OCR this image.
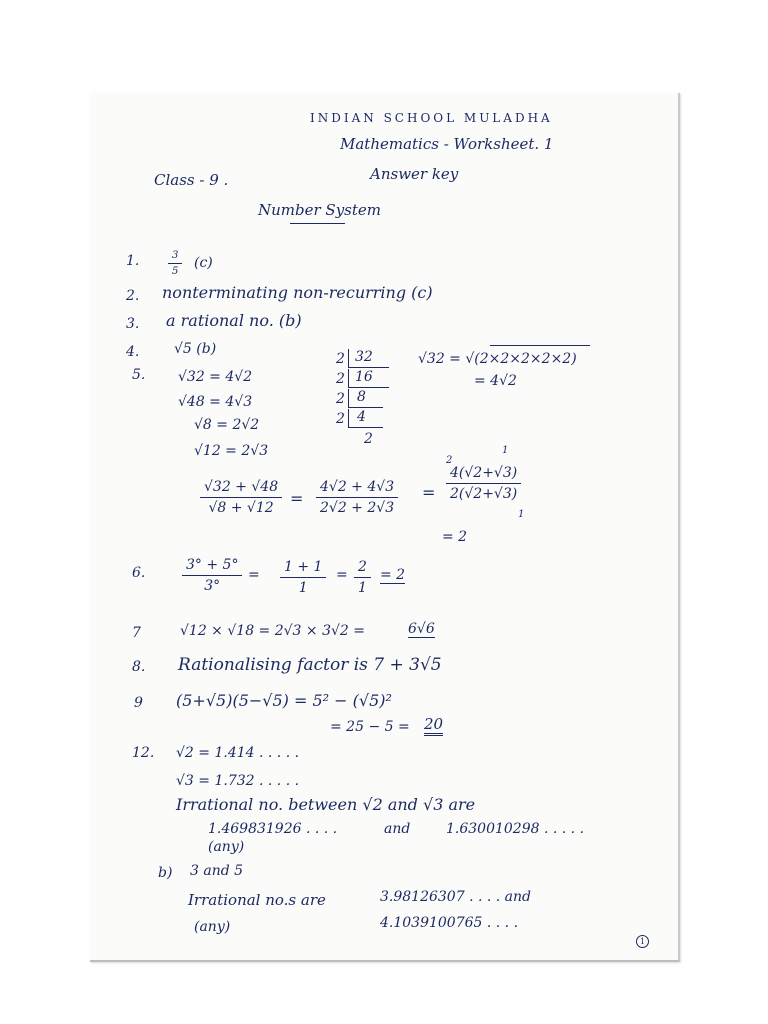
INDIAN SCHOOL MULADHA
Mathematics - Worksheet. 1
Class - 9 .	Answer key
Number System
1.	$\frac{3}{5} (c)$
2. nonterminating non-recurring (c)
3. a rational no. (b)
4. √5 (b)
5. √32 = 4√2
√48 = 4√3
√8 = 2√2
√12 = 2√3
2 32
2 16
2 8
2 4
2
√32 = √(2×2×2×2×2)
= 4√2
$\frac{√32 + √48}{√8 + √12} = \frac{4√2 + 4√3}{2√2 + 2√3}$ =
1
2
$\frac{4(√2+√3)}{2(√2+√3)}$
1
= 2
6.	$\frac{3^\circ + 5^\circ}{3^\circ} = \frac{1 + 1}{1} = \frac{2}{1} = 2$
7	√12 × √18 = 2√3 × 3√2 =	6√6
8. Rationalising factor is 7 + 3√5
9 (5+√5)(5−√5) = 5² − (√5)²
= 25 − 5 = 20
12. √2 = 1.414 . . . . .
√3 = 1.732 . . . . .
Irrational no. between √2 and √3 are
1.469831926 . . . .	and	1.630010298 . . . . .
(any)
b) 3 and 5
Irrational no.s are	3.98126307 . . . . and
4.1039100765 . . . .
(any)
1
